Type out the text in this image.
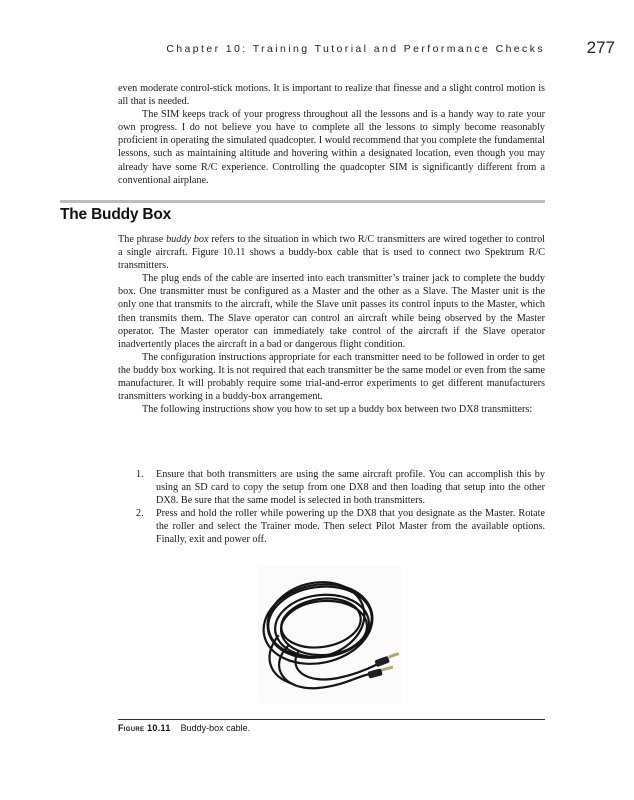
Chapter 10: Training Tutorial and Performance Checks 277

even moderate control-stick motions. It is important to realize that finesse and a slight control motion is all that is needed.

The SIM keeps track of your progress throughout all the lessons and is a handy way to rate your own progress. I do not believe you have to complete all the lessons to simply become reasonably proficient in operating the simulated quadcopter. I would recommend that you complete the fundamental lessons, such as maintaining altitude and hovering within a designated location, even though you may already have some R/C experience. Controlling the quadcopter SIM is significantly different from a conventional airplane.

The Buddy Box

The phrase buddy box refers to the situation in which two R/C transmitters are wired together to control a single aircraft. Figure 10.11 shows a buddy-box cable that is used to connect two Spektrum R/C transmitters.

The plug ends of the cable are inserted into each transmitter’s trainer jack to complete the buddy box. One transmitter must be configured as a Master and the other as a Slave. The Master unit is the only one that transmits to the aircraft, while the Slave unit passes its control inputs to the Master, which then transmits them. The Slave operator can control an aircraft while being observed by the Master operator. The Master operator can immediately take control of the aircraft if the Slave operator inadvertently places the aircraft in a bad or dangerous flight condition.

The configuration instructions appropriate for each transmitter need to be followed in order to get the buddy box working. It is not required that each transmitter be the same model or even from the same manufacturer. It will probably require some trial-and-error experiments to get different manufacturers transmitters working in a buddy-box arrangement.

The following instructions show you how to set up a buddy box between two DX8 transmitters:

1. Ensure that both transmitters are using the same aircraft profile. You can accomplish this by using an SD card to copy the setup from one DX8 and then loading that setup into the other DX8. Be sure that the same model is selected in both transmitters.
2. Press and hold the roller while powering up the DX8 that you designate as the Master. Rotate the roller and select the Trainer mode. Then select Pilot Master from the available options. Finally, exit and power off.
Figure 10.11 Buddy-box cable.
